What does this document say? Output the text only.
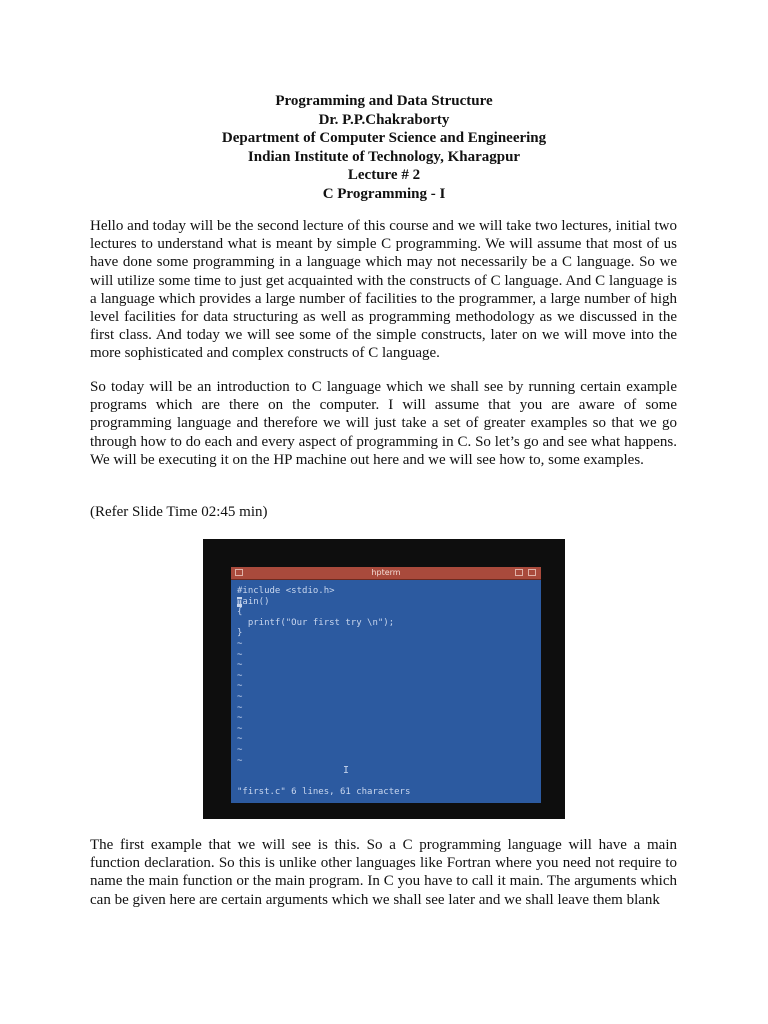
Programming and Data Structure
Dr. P.P.Chakraborty
Department of Computer Science and Engineering
Indian Institute of Technology, Kharagpur
Lecture # 2
C Programming - I

Hello and today will be the second lecture of this course and we will take two lectures, initial two lectures to understand what is meant by simple C programming. We will assume that most of us have done some programming in a language which may not necessarily be a C language. So we will utilize some time to just get acquainted with the constructs of C language. And C language is a language which provides a large number of facilities to the programmer, a large number of high level facilities for data structuring as well as programming methodology as we discussed in the first class. And today we will see some of the simple constructs, later on we will move into the more sophisticated and complex constructs of C language.

So today will be an introduction to C language which we shall see by running certain example programs which are there on the computer. I will assume that you are aware of some programming language and therefore we will just take a set of greater examples so that we go through how to do each and every aspect of programming in C. So let’s go and see what happens. We will be executing it on the HP machine out here and we will see how to, some examples.

(Refer Slide Time 02:45 min)

hpterm
#include <stdio.h>
main()
{
printf("Our first try \n");
}
~
~
~
~
~
~
~
~
~
~
~
~
I
"first.c" 6 lines, 61 characters

The first example that we will see is this. So a C programming language will have a main function declaration. So this is unlike other languages like Fortran where you need not require to name the main function or the main program. In C you have to call it main. The arguments which can be given here are certain arguments which we shall see later and we shall leave them blank
